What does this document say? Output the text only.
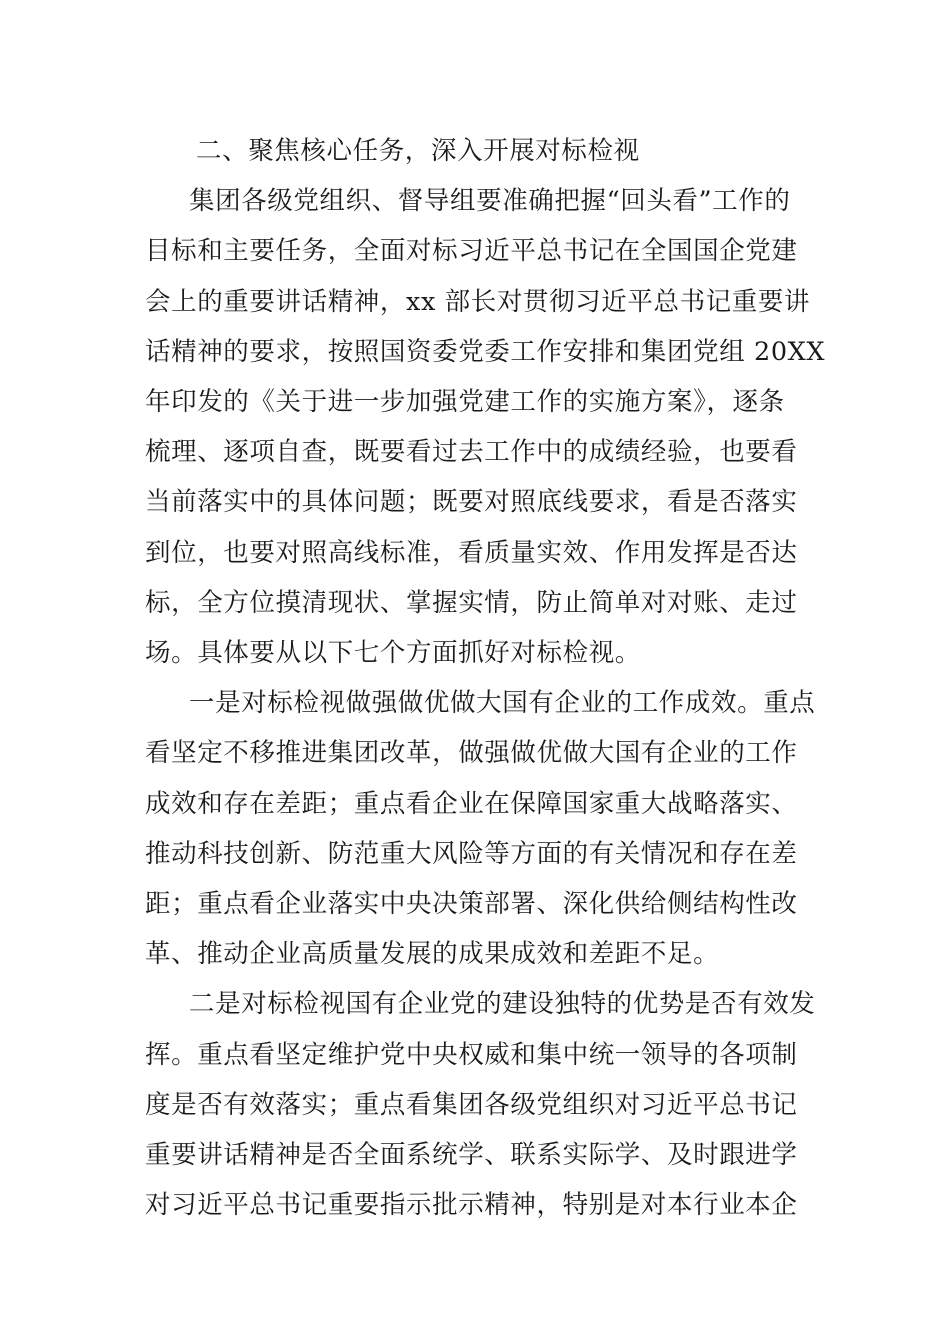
二、聚焦核心任务，深入开展对标检视
集团各级党组织、督导组要准确把握“回头看”工作的
目标和主要任务，全面对标习近平总书记在全国国企党建
会上的重要讲话精神，xx 部长对贯彻习近平总书记重要讲
话精神的要求，按照国资委党委工作安排和集团党组 20XX
年印发的《关于进一步加强党建工作的实施方案》，逐条
梳理、逐项自查，既要看过去工作中的成绩经验，也要看
当前落实中的具体问题；既要对照底线要求，看是否落实
到位，也要对照高线标准，看质量实效、作用发挥是否达
标，全方位摸清现状、掌握实情，防止简单对对账、走过
场。具体要从以下七个方面抓好对标检视。
一是对标检视做强做优做大国有企业的工作成效。重点
看坚定不移推进集团改革，做强做优做大国有企业的工作
成效和存在差距；重点看企业在保障国家重大战略落实、
推动科技创新、防范重大风险等方面的有关情况和存在差
距；重点看企业落实中央决策部署、深化供给侧结构性改
革、推动企业高质量发展的成果成效和差距不足。
二是对标检视国有企业党的建设独特的优势是否有效发
挥。重点看坚定维护党中央权威和集中统一领导的各项制
度是否有效落实；重点看集团各级党组织对习近平总书记
重要讲话精神是否全面系统学、联系实际学、及时跟进学
对习近平总书记重要指示批示精神，特别是对本行业本企
